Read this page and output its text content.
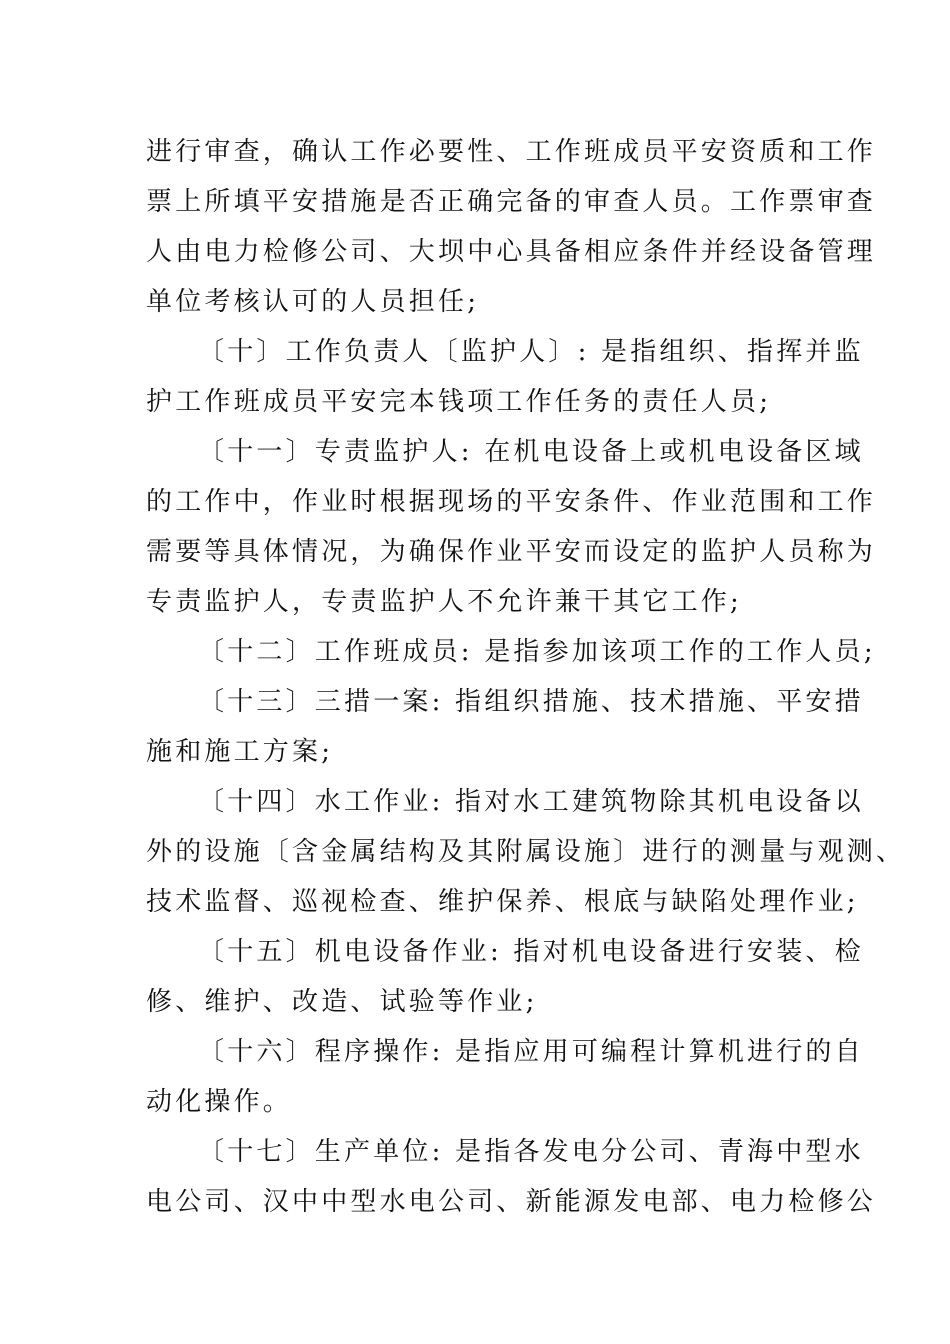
进行审查，确认工作必要性、工作班成员平安资质和工作
票上所填平安措施是否正确完备的审查人员。工作票审查
人由电力检修公司、大坝中心具备相应条件并经设备管理
单位考核认可的人员担任;
〔十〕工作负责人〔监护人〕: 是指组织、指挥并监
护工作班成员平安完本钱项工作任务的责任人员;
〔十一〕专责监护人: 在机电设备上或机电设备区域
的工作中，作业时根据现场的平安条件、作业范围和工作
需要等具体情况，为确保作业平安而设定的监护人员称为
专责监护人，专责监护人不允许兼干其它工作;
〔十二〕工作班成员: 是指参加该项工作的工作人员;
〔十三〕三措一案: 指组织措施、技术措施、平安措
施和施工方案;
〔十四〕水工作业: 指对水工建筑物除其机电设备以
外的设施〔含金属结构及其附属设施〕进行的测量与观测、
技术监督、巡视检查、维护保养、根底与缺陷处理作业;
〔十五〕机电设备作业: 指对机电设备进行安装、检
修、维护、改造、试验等作业;
〔十六〕程序操作: 是指应用可编程计算机进行的自
动化操作。
〔十七〕生产单位: 是指各发电分公司、青海中型水
电公司、汉中中型水电公司、新能源发电部、电力检修公
